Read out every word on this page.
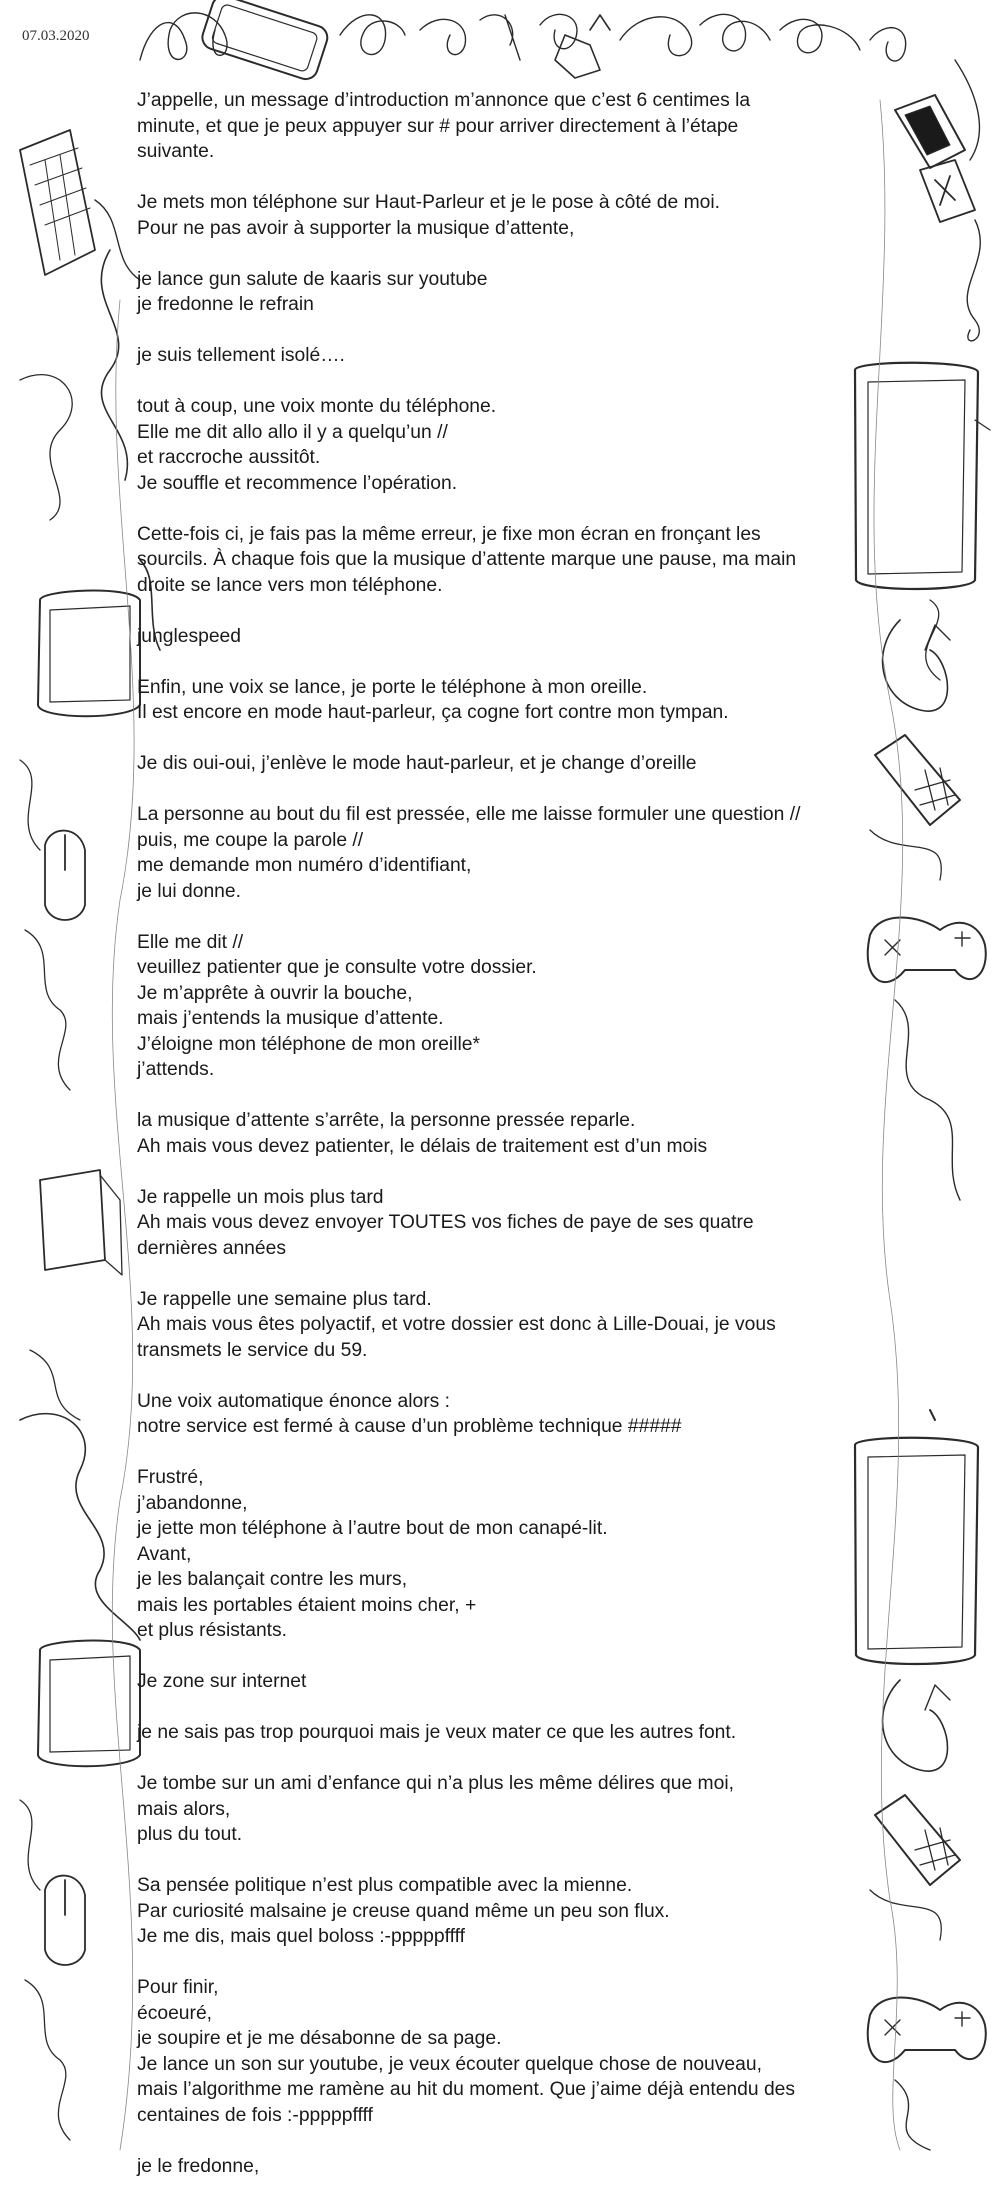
07.03.2020
J’appelle, un message d’introduction m’annonce que c’est 6 centimes la
minute, et que je peux appuyer sur # pour arriver directement à l’étape
suivante.
Je mets mon téléphone sur Haut-Parleur et je le pose à côté de moi.
Pour ne pas avoir à supporter la musique d’attente,
je lance gun salute de kaaris sur youtube
je fredonne le refrain
je suis tellement isolé….
tout à coup, une voix monte du téléphone.
Elle me dit allo allo il y a quelqu’un //
et raccroche aussitôt.
Je souffle et recommence l’opération.
Cette-fois ci, je fais pas la même erreur, je fixe mon écran en fronçant les
sourcils. À chaque fois que la musique d’attente marque une pause, ma main
droite se lance vers mon téléphone.
junglespeed
Enfin, une voix se lance, je porte le téléphone à mon oreille.
Il est encore en mode haut-parleur, ça cogne fort contre mon tympan.
Je dis oui-oui, j’enlève le mode haut-parleur, et je change d’oreille
La personne au bout du fil est pressée, elle me laisse formuler une question //
puis, me coupe la parole //
me demande mon numéro d’identifiant,
je lui donne.
Elle me dit //
veuillez patienter que je consulte votre dossier.
Je m’apprête à ouvrir la bouche,
mais j’entends la musique d’attente.
J’éloigne mon téléphone de mon oreille*
j’attends.
la musique d’attente s’arrête, la personne pressée reparle.
Ah mais vous devez patienter, le délais de traitement est d’un mois
Je rappelle un mois plus tard
Ah mais vous devez envoyer TOUTES vos fiches de paye de ses quatre
dernières années
Je rappelle une semaine plus tard.
Ah mais vous êtes polyactif, et votre dossier est donc à Lille-Douai, je vous
transmets le service du 59.
Une voix automatique énonce alors :
notre service est fermé à cause d’un problème technique #####
Frustré,
j’abandonne,
je jette mon téléphone à l’autre bout de mon canapé-lit.
Avant,
je les balançait contre les murs,
mais les portables étaient moins cher, +
et plus résistants.
Je zone sur internet
je ne sais pas trop pourquoi mais je veux mater ce que les autres font.
Je tombe sur un ami d’enfance qui n’a plus les même délires que moi,
mais alors,
plus du tout.
Sa pensée politique n’est plus compatible avec la mienne.
Par curiosité malsaine je creuse quand même un peu son flux.
Je me dis, mais quel boloss :-pppppffff
Pour finir,
écoeuré,
je soupire et je me désabonne de sa page.
Je lance un son sur youtube, je veux écouter quelque chose de nouveau,
mais l’algorithme me ramène au hit du moment. Que j’aime déjà entendu des
centaines de fois :-pppppffff
je le fredonne,
